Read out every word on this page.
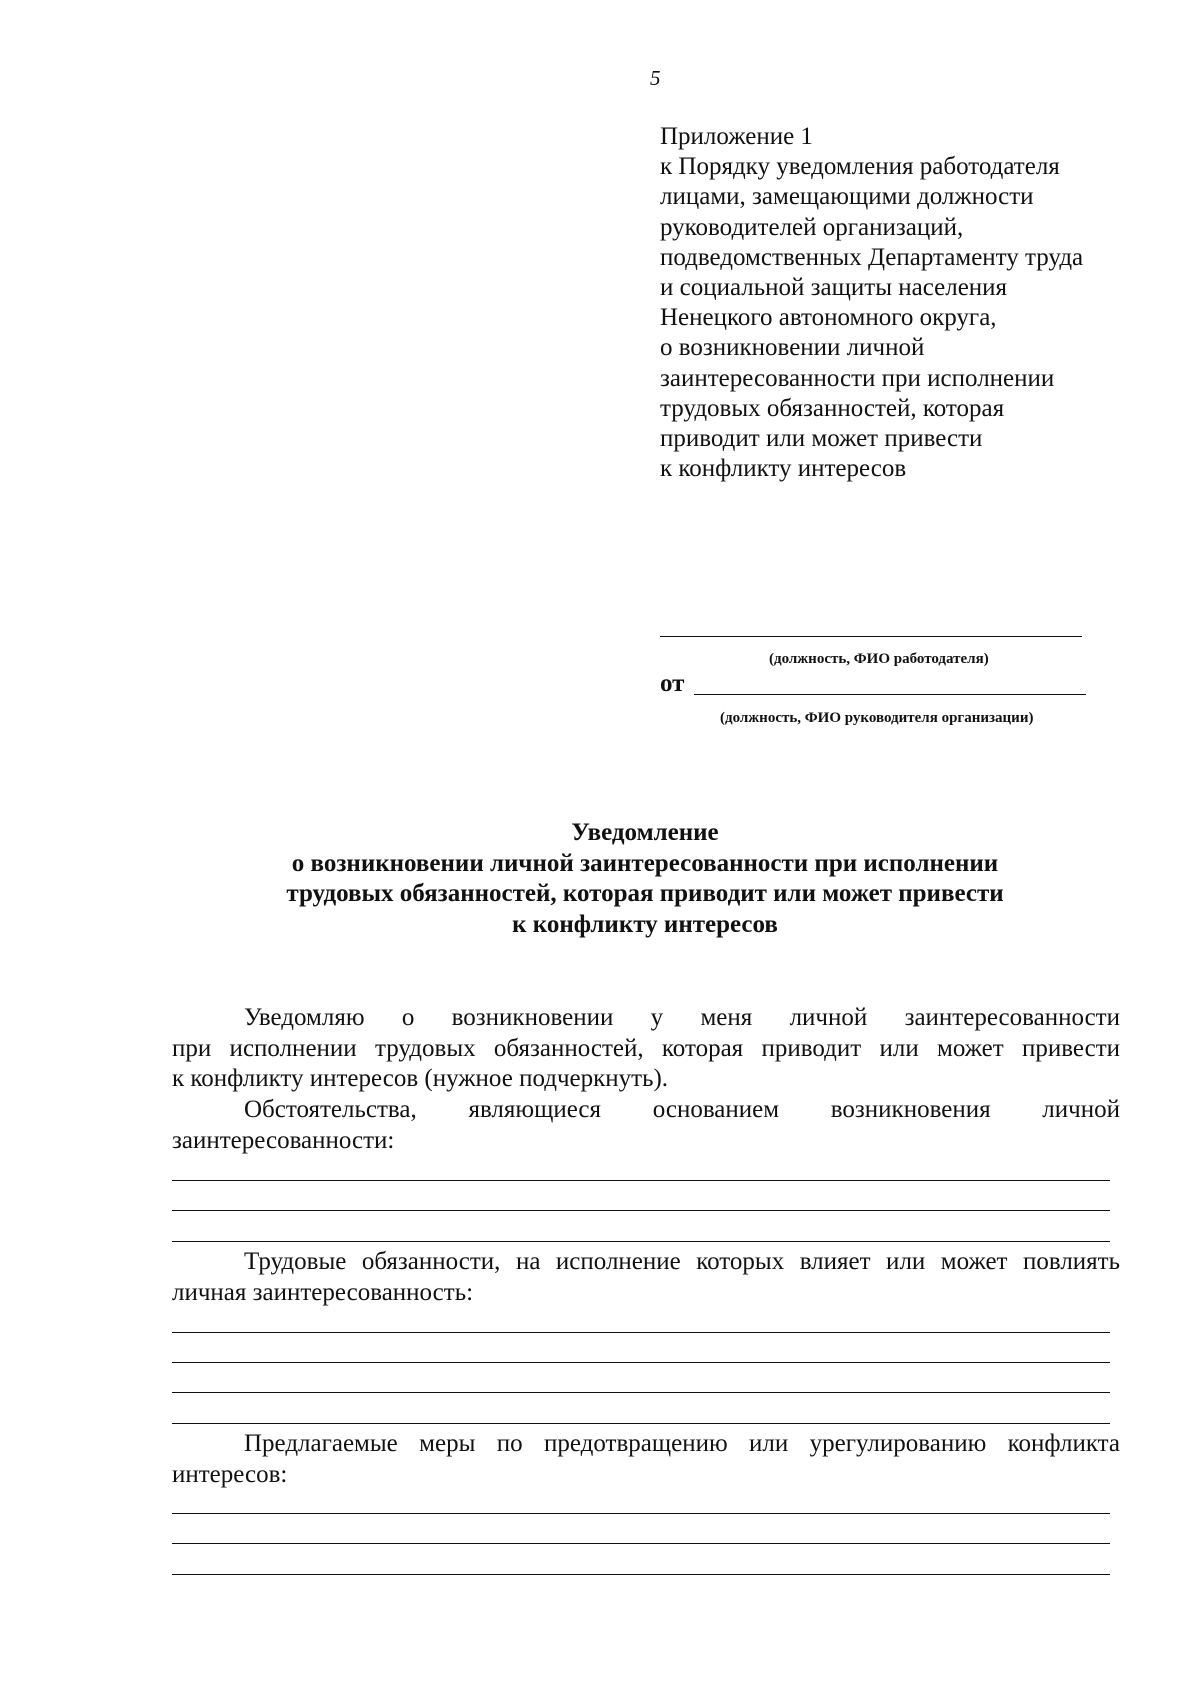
5
Приложение 1
к Порядку уведомления работодателя
лицами, замещающими должности
руководителей организаций,
подведомственных Департаменту труда
и социальной защиты населения
Ненецкого автономного округа,
о возникновении личной
заинтересованности при исполнении
трудовых обязанностей, которая
приводит или может привести
к конфликту интересов
(должность, ФИО работодателя)
от
(должность, ФИО руководителя организации)
Уведомление
о возникновении личной заинтересованности при исполнении
трудовых обязанностей, которая приводит или может привести
к конфликту интересов
Уведомляю о возникновении у меня личной заинтересованности
при исполнении трудовых обязанностей, которая приводит или может привести
к конфликту интересов (нужное подчеркнуть).
Обстоятельства, являющиеся основанием возникновения личной
заинтересованности:
Трудовые обязанности, на исполнение которых влияет или может повлиять
личная заинтересованность:
Предлагаемые меры по предотвращению или урегулированию конфликта
интересов:
